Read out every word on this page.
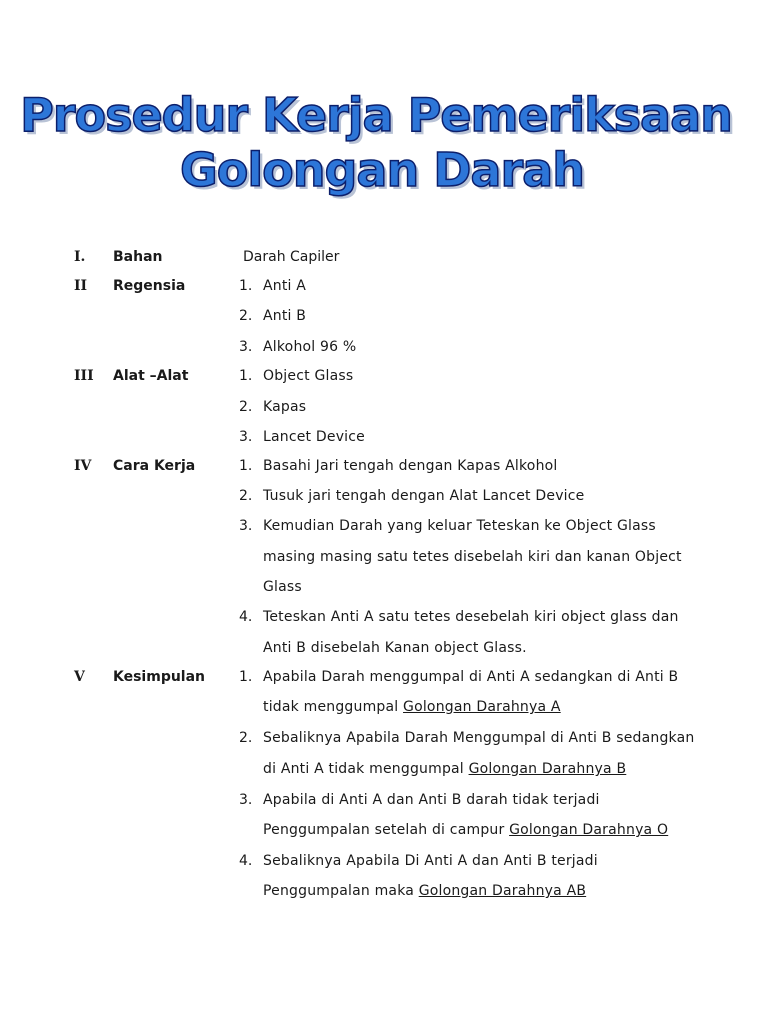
Prosedur Kerja Pemeriksaan
Golongan Darah
I. Bahan	Darah Capiler
II Regensia	1. Anti A
2. Anti B
3. Alkohol 96 %
III Alat –Alat	1. Object Glass
2. Kapas
3. Lancet Device
IV Cara Kerja	1. Basahi Jari tengah dengan Kapas Alkohol
2. Tusuk jari tengah dengan Alat Lancet Device
3. Kemudian Darah yang keluar Teteskan ke Object Glass
masing masing satu tetes disebelah kiri dan kanan Object
Glass
4. Teteskan Anti A satu tetes desebelah kiri object glass dan
Anti B disebelah Kanan object Glass.
V Kesimpulan 1. Apabila Darah menggumpal di Anti A sedangkan di Anti B
tidak menggumpal Golongan Darahnya A
2. Sebaliknya Apabila Darah Menggumpal di Anti B sedangkan
di Anti A tidak menggumpal Golongan Darahnya B
3. Apabila di Anti A dan Anti B darah tidak terjadi
Penggumpalan setelah di campur Golongan Darahnya O
4. Sebaliknya Apabila Di Anti A dan Anti B terjadi
Penggumpalan maka Golongan Darahnya AB
